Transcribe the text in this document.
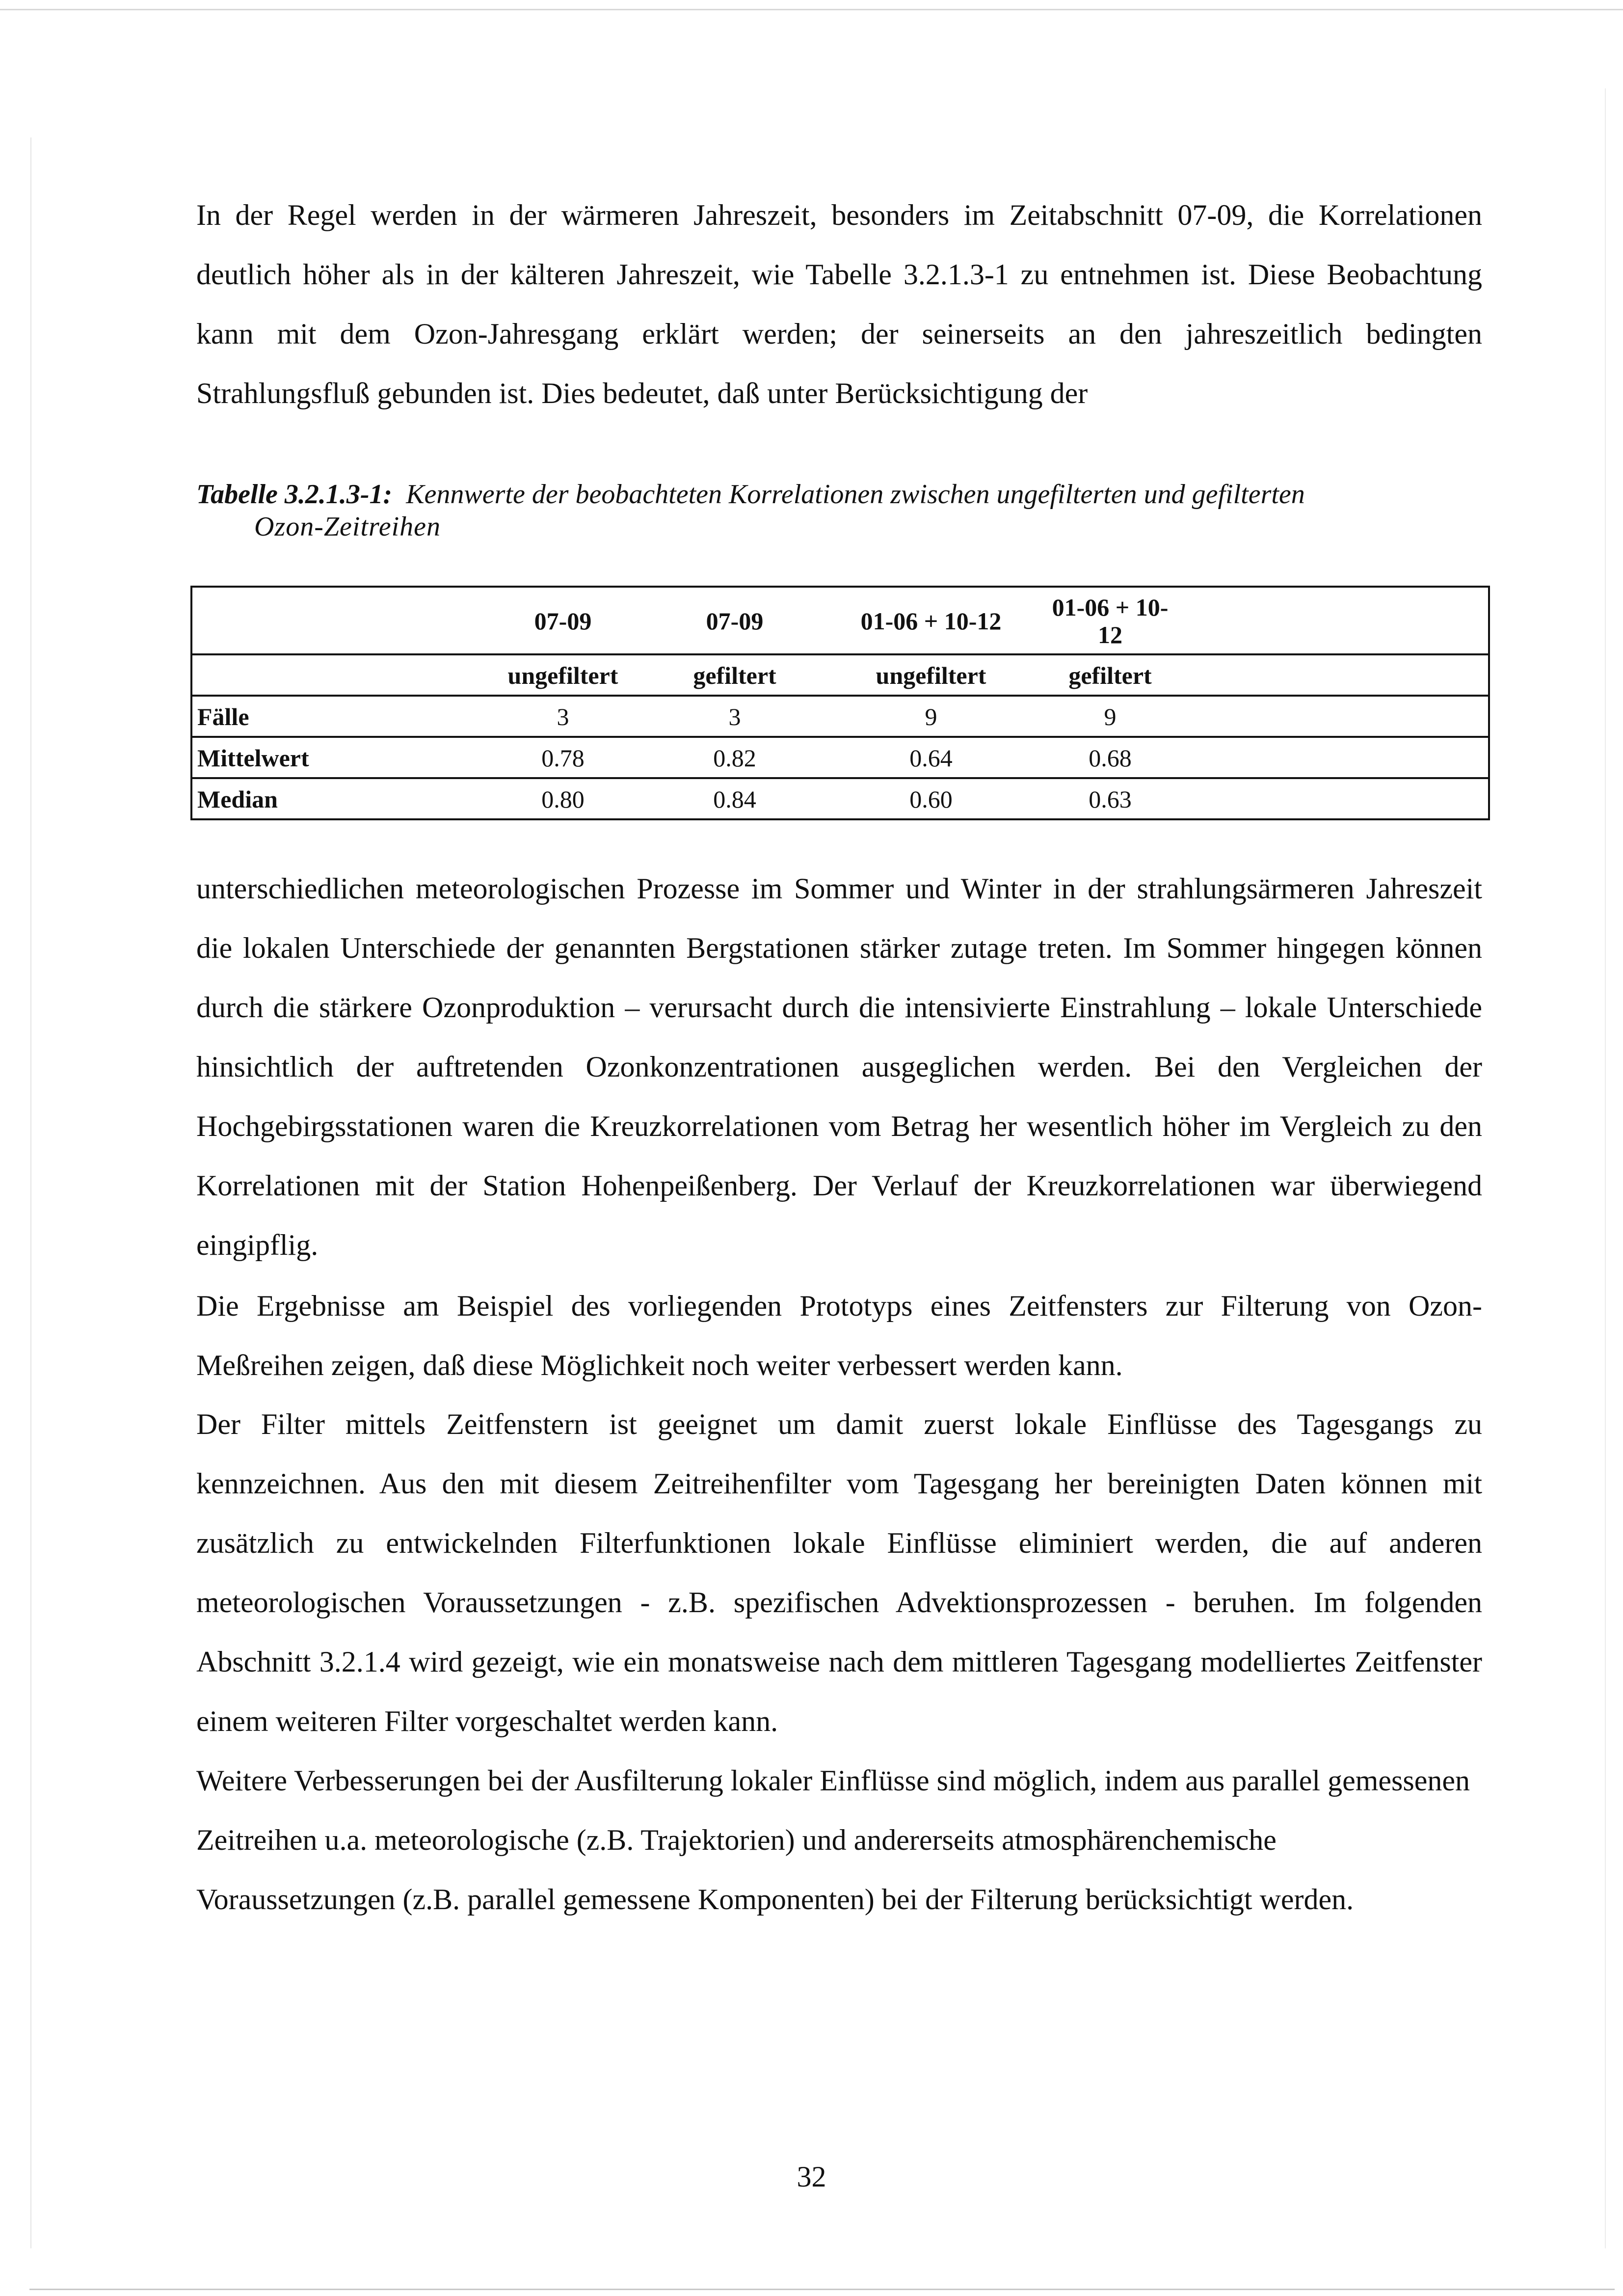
In der Regel werden in der wärmeren Jahreszeit, besonders im Zeitabschnitt 07-09, die Korrelationen deutlich höher als in der kälteren Jahreszeit, wie Tabelle 3.2.1.3-1 zu entnehmen ist. Diese Beobachtung kann mit dem Ozon-Jahresgang erklärt werden; der seinerseits an den jahreszeitlich bedingten Strahlungsfluß gebunden ist. Dies bedeutet, daß unter Berücksichtigung der

Tabelle 3.2.1.3-1: Kennwerte der beobachteten Korrelationen zwischen ungefilterten und gefilterten
Ozon-Zeitreihen
	07-09	07-09	01-06 + 10-12	01-06 + 10-12	
	ungefiltert	gefiltert	ungefiltert	gefiltert	
Fälle	3	3	9	9	
Mittelwert	0.78	0.82	0.64	0.68	
Median	0.80	0.84	0.60	0.63	

unterschiedlichen meteorologischen Prozesse im Sommer und Winter in der strahlungsärmeren Jahreszeit die lokalen Unterschiede der genannten Bergstationen stärker zutage treten. Im Sommer hingegen können durch die stärkere Ozonproduktion – verursacht durch die intensivierte Einstrahlung – lokale Unterschiede hinsichtlich der auftretenden Ozonkonzentrationen ausgeglichen werden. Bei den Vergleichen der Hochgebirgsstationen waren die Kreuzkorrelationen vom Betrag her wesentlich höher im Vergleich zu den Korrelationen mit der Station Hohenpeißenberg. Der Verlauf der Kreuzkorrelationen war überwiegend eingipflig.

Die Ergebnisse am Beispiel des vorliegenden Prototyps eines Zeitfensters zur Filterung von Ozon-Meßreihen zeigen, daß diese Möglichkeit noch weiter verbessert werden kann.

Der Filter mittels Zeitfenstern ist geeignet um damit zuerst lokale Einflüsse des Tagesgangs zu kennzeichnen. Aus den mit diesem Zeitreihenfilter vom Tagesgang her bereinigten Daten können mit zusätzlich zu entwickelnden Filterfunktionen lokale Einflüsse eliminiert werden, die auf anderen meteorologischen Voraussetzungen - z.B. spezifischen Advektionsprozessen - beruhen. Im folgenden Abschnitt 3.2.1.4 wird gezeigt, wie ein monatsweise nach dem mittleren Tagesgang modelliertes Zeitfenster einem weiteren Filter vorgeschaltet werden kann.

Weitere Verbesserungen bei der Ausfilterung lokaler Einflüsse sind möglich, indem aus parallel gemessenen Zeitreihen u.a. meteorologische (z.B. Trajektorien) und andererseits atmosphärenchemische Voraussetzungen (z.B. parallel gemessene Komponenten) bei der Filterung berücksichtigt werden.

32
